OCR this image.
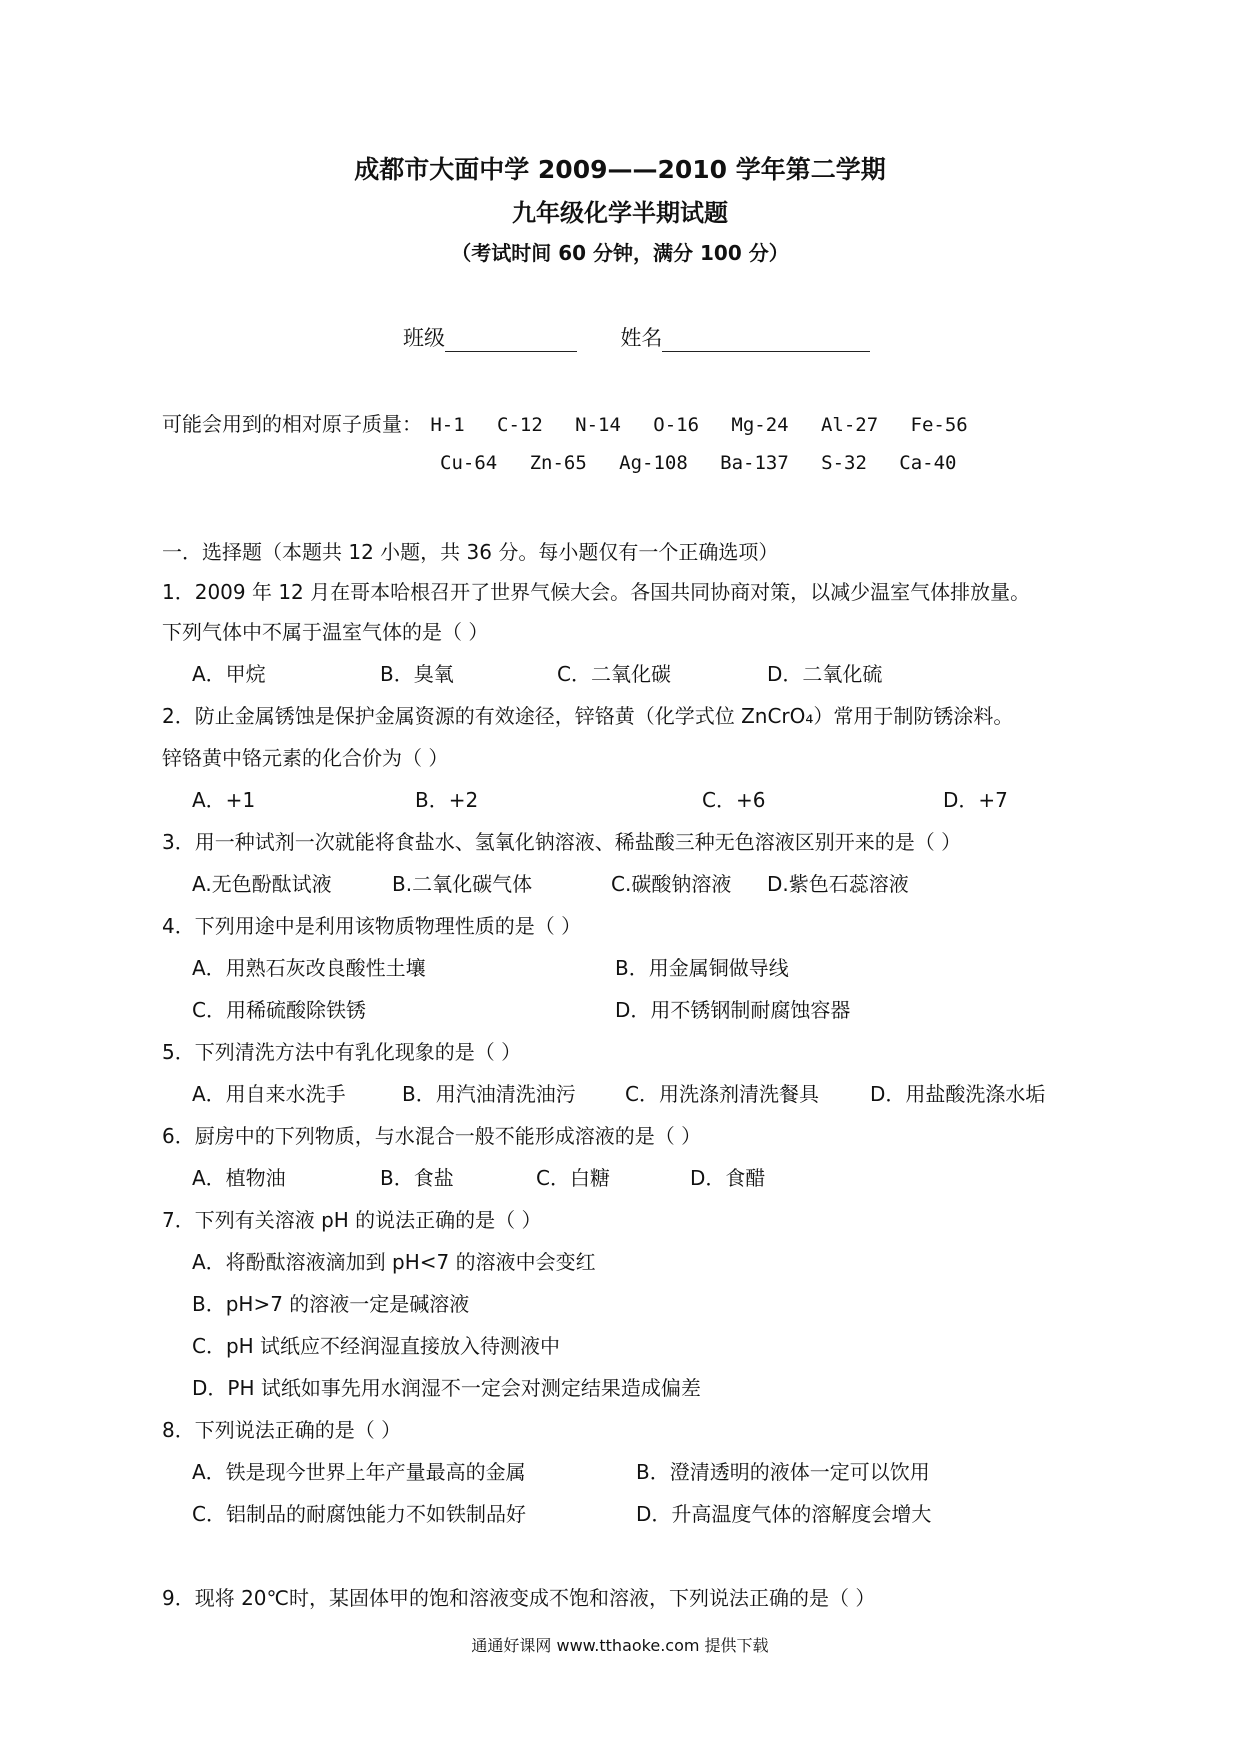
成都市大面中学 2009——2010 学年第二学期
九年级化学半期试题
（考试时间 60 分钟，满分 100 分）
班级	姓名
可能会用到的相对原子质量： H-1 C-12 N-14 O-16 Mg-24 Al-27 Fe-56
Cu-64 Zn-65 Ag-108 Ba-137 S-32 Ca-40
一．选择题（本题共 12 小题，共 36 分。每小题仅有一个正确选项）
1．2009 年 12 月在哥本哈根召开了世界气候大会。各国共同协商对策，以减少温室气体排放量。
下列气体中不属于温室气体的是（ ）
A．甲烷	B．臭氧	C．二氧化碳	D．二氧化硫
2．防止金属锈蚀是保护金属资源的有效途径，锌铬黄（化学式位 ZnCrO₄）常用于制防锈涂料。
锌铬黄中铬元素的化合价为（ ）
A．+1	B．+2	C．+6	D．+7
3．用一种试剂一次就能将食盐水、氢氧化钠溶液、稀盐酸三种无色溶液区别开来的是（ ）
A.无色酚酞试液	B.二氧化碳气体	C.碳酸钠溶液 D.紫色石蕊溶液
4．下列用途中是利用该物质物理性质的是（ ）
A．用熟石灰改良酸性土壤	B．用金属铜做导线
C．用稀硫酸除铁锈	D．用不锈钢制耐腐蚀容器
5．下列清洗方法中有乳化现象的是（ ）
A．用自来水洗手	B．用汽油清洗油污 C．用洗涤剂清洗餐具	D．用盐酸洗涤水垢
6．厨房中的下列物质，与水混合一般不能形成溶液的是（ ）
A．植物油	B．食盐	C．白糖	D．食醋
7．下列有关溶液 pH 的说法正确的是（ ）
A．将酚酞溶液滴加到 pH<7 的溶液中会变红
B．pH>7 的溶液一定是碱溶液
C．pH 试纸应不经润湿直接放入待测液中
D．PH 试纸如事先用水润湿不一定会对测定结果造成偏差
8．下列说法正确的是（ ）
A．铁是现今世界上年产量最高的金属	B．澄清透明的液体一定可以饮用
C．铝制品的耐腐蚀能力不如铁制品好	D．升高温度气体的溶解度会增大
9．现将 20℃时，某固体甲的饱和溶液变成不饱和溶液，下列说法正确的是（ ）
通通好课网 www.tthaoke.com 提供下载
